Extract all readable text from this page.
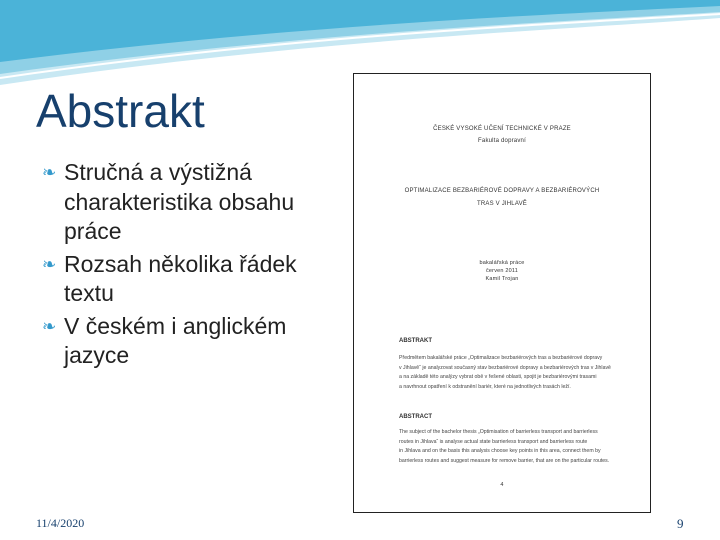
Abstrakt
❧ Stručná a výstižná charakteristika obsahu práce
❧ Rozsah několika řádek textu
❧ V českém i anglickém jazyce
ČESKÉ VYSOKÉ UČENÍ TECHNICKÉ V PRAZE
Fakulta dopravní
OPTIMALIZACE BEZBARIÉROVÉ DOPRAVY A BEZBARIÉROVÝCH
TRAS V JIHLAVĚ
bakalářská práce
červen 2011
Kamil Trojan
ABSTRAKT
Předmětem bakalářské práce „Optimalizace bezbariérových tras a bezbariérové dopravy
v Jihlavě“ je analyzovat současný stav bezbariérové dopravy a bezbariérových tras v Jihlavě
a na základě této analýzy vybrat obě v řešené oblasti, spojit je bezbariérovými trasami
a navrhnout opatření k odstranění bariér, které na jednotlivých trasách leží.
ABSTRACT
The subject of the bachelor thesis „Optimisation of barrierless transport and barrierless
routes in Jihlava“ is analyse actual state barrierless transport and barrierless route
in Jihlava and on the basis this analysis choose key points in this area, connect them by
barrierless routes and suggest measure for remove barrier, that are on the particular routes.
4
11/4/2020	9
